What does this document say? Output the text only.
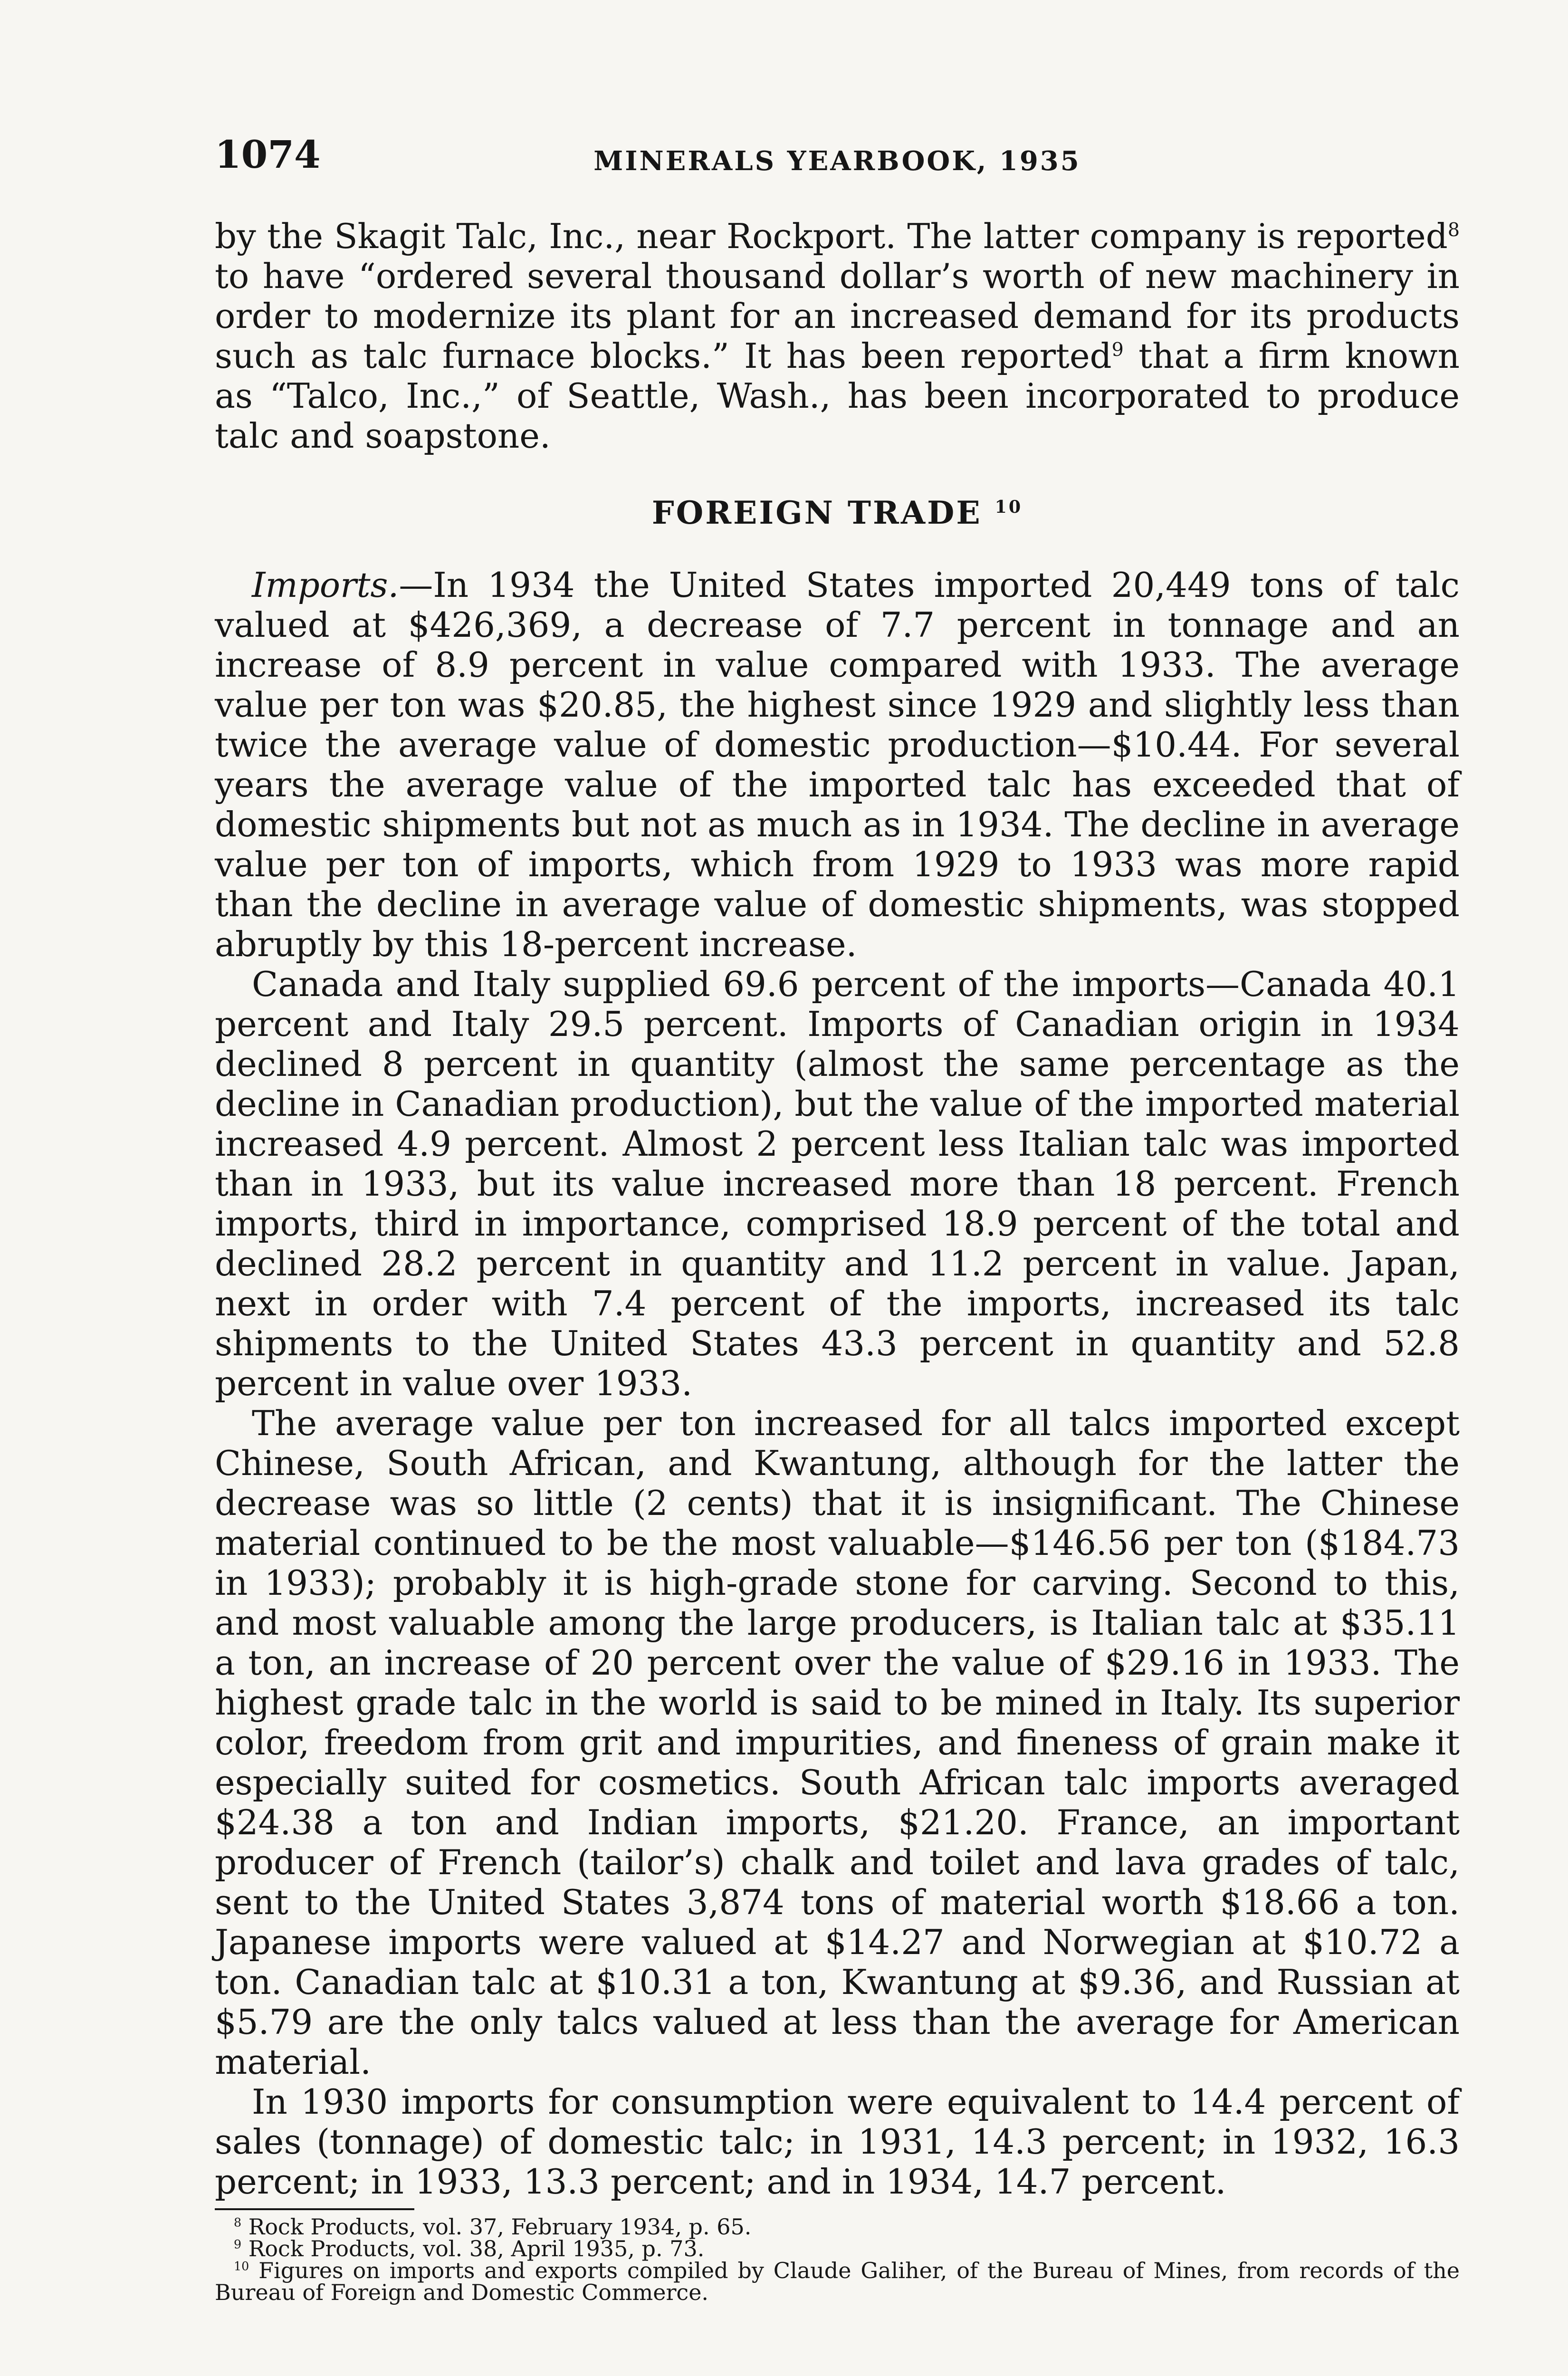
1074	MINERALS YEARBOOK, 1935

by the Skagit Talc, Inc., near Rockport. The latter company is reported$^8$ to have “ordered several thousand dollar’s worth of new machinery in order to modernize its plant for an increased demand for its products such as talc furnace blocks.” It has been reported$^9$ that a firm known as “Talco, Inc.,” of Seattle, Wash., has been incorporated to produce talc and soapstone.

FOREIGN TRADE $^{10}$

Imports.—In 1934 the United States imported 20,449 tons of talc valued at $426,369, a decrease of 7.7 percent in tonnage and an increase of 8.9 percent in value compared with 1933. The average value per ton was $20.85, the highest since 1929 and slightly less than twice the average value of domestic production—$10.44. For several years the average value of the imported talc has exceeded that of domestic shipments but not as much as in 1934. The decline in average value per ton of imports, which from 1929 to 1933 was more rapid than the decline in average value of domestic shipments, was stopped abruptly by this 18-percent increase.

Canada and Italy supplied 69.6 percent of the imports—Canada 40.1 percent and Italy 29.5 percent. Imports of Canadian origin in 1934 declined 8 percent in quantity (almost the same percentage as the decline in Canadian production), but the value of the imported material increased 4.9 percent. Almost 2 percent less Italian talc was imported than in 1933, but its value increased more than 18 percent. French imports, third in importance, comprised 18.9 percent of the total and declined 28.2 percent in quantity and 11.2 percent in value. Japan, next in order with 7.4 percent of the imports, increased its talc shipments to the United States 43.3 percent in quantity and 52.8 percent in value over 1933.

The average value per ton increased for all talcs imported except Chinese, South African, and Kwantung, although for the latter the decrease was so little (2 cents) that it is insignificant. The Chinese material continued to be the most valuable—$146.56 per ton ($184.73 in 1933); probably it is high-grade stone for carving. Second to this, and most valuable among the large producers, is Italian talc at $35.11 a ton, an increase of 20 percent over the value of $29.16 in 1933. The highest grade talc in the world is said to be mined in Italy. Its superior color, freedom from grit and impurities, and fineness of grain make it especially suited for cosmetics. South African talc imports averaged $24.38 a ton and Indian imports, $21.20. France, an important producer of French (tailor’s) chalk and toilet and lava grades of talc, sent to the United States 3,874 tons of material worth $18.66 a ton. Japanese imports were valued at $14.27 and Norwegian at $10.72 a ton. Canadian talc at $10.31 a ton, Kwantung at $9.36, and Russian at $5.79 are the only talcs valued at less than the average for American material.

In 1930 imports for consumption were equivalent to 14.4 percent of sales (tonnage) of domestic talc; in 1931, 14.3 percent; in 1932, 16.3 percent; in 1933, 13.3 percent; and in 1934, 14.7 percent.

$^8$ Rock Products, vol. 37, February 1934, p. 65.

$^9$ Rock Products, vol. 38, April 1935, p. 73.

$^{10}$ Figures on imports and exports compiled by Claude Galiher, of the Bureau of Mines, from records of the Bureau of Foreign and Domestic Commerce.
